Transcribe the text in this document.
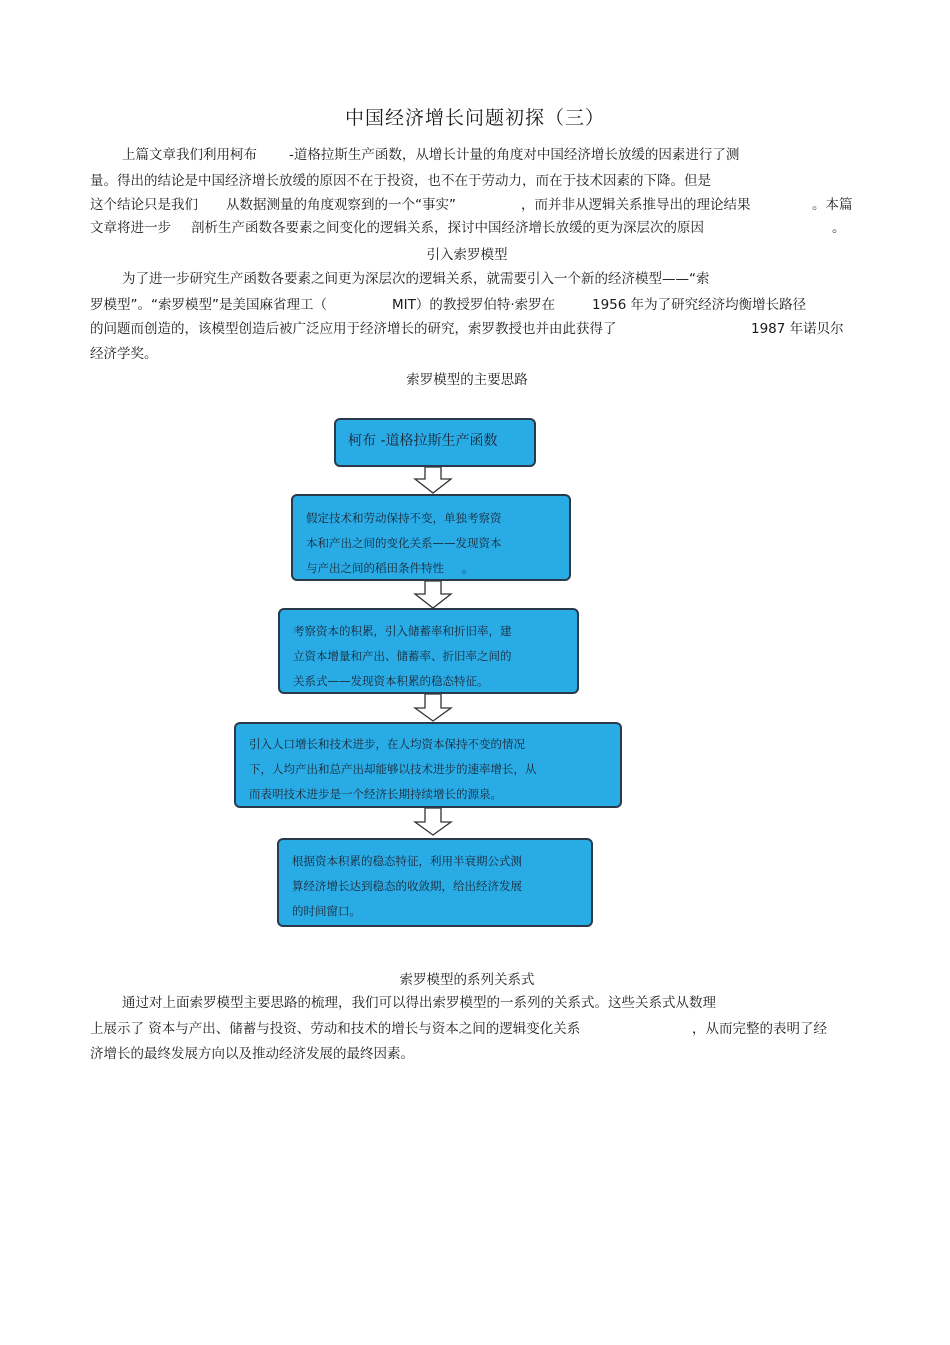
中国经济增长问题初探（三）
上篇文章我们利用柯布 -道格拉斯生产函数，从增长计量的角度对中国经济增长放缓的因素进行了测
量。得出的结论是中国经济增长放缓的原因不在于投资，也不在于劳动力，而在于技术因素的下降。但是
这个结论只是我们 从数据测量的角度观察到的一个“事实”	，而并非从逻辑关系推导出的理论结果	。本篇
文章将进一步 剖析生产函数各要素之间变化的逻辑关系，探讨中国经济增长放缓的更为深层次的原因	。
引入索罗模型
为了进一步研究生产函数各要素之间更为深层次的逻辑关系，就需要引入一个新的经济模型——“索
罗模型”。“索罗模型”是美国麻省理工（	MIT）的教授罗伯特·索罗在	1956 年为了研究经济均衡增长路径
的问题而创造的，该模型创造后被广泛应用于经济增长的研究，索罗教授也并由此获得了	1987 年诺贝尔
经济学奖。
索罗模型的主要思路
柯布 -道格拉斯生产函数
假定技术和劳动保持不变，单独考察资
本和产出之间的变化关系——发现资本
与产出之间的稻田条件特性 。
考察资本的积累，引入储蓄率和折旧率，建
立资本增量和产出、储蓄率、折旧率之间的
关系式——发现资本积累的稳态特征。
引入人口增长和技术进步，在人均资本保持不变的情况
下，人均产出和总产出却能够以技术进步的速率增长，从
而表明技术进步是一个经济长期持续增长的源泉。
根据资本积累的稳态特征，利用半衰期公式测
算经济增长达到稳态的收敛期，给出经济发展
的时间窗口。
索罗模型的系列关系式
通过对上面索罗模型主要思路的梳理，我们可以得出索罗模型的一系列的关系式。这些关系式从数理
上展示了 资本与产出、储蓄与投资、劳动和技术的增长与资本之间的逻辑变化关系	，从而完整的表明了经
济增长的最终发展方向以及推动经济发展的最终因素。
